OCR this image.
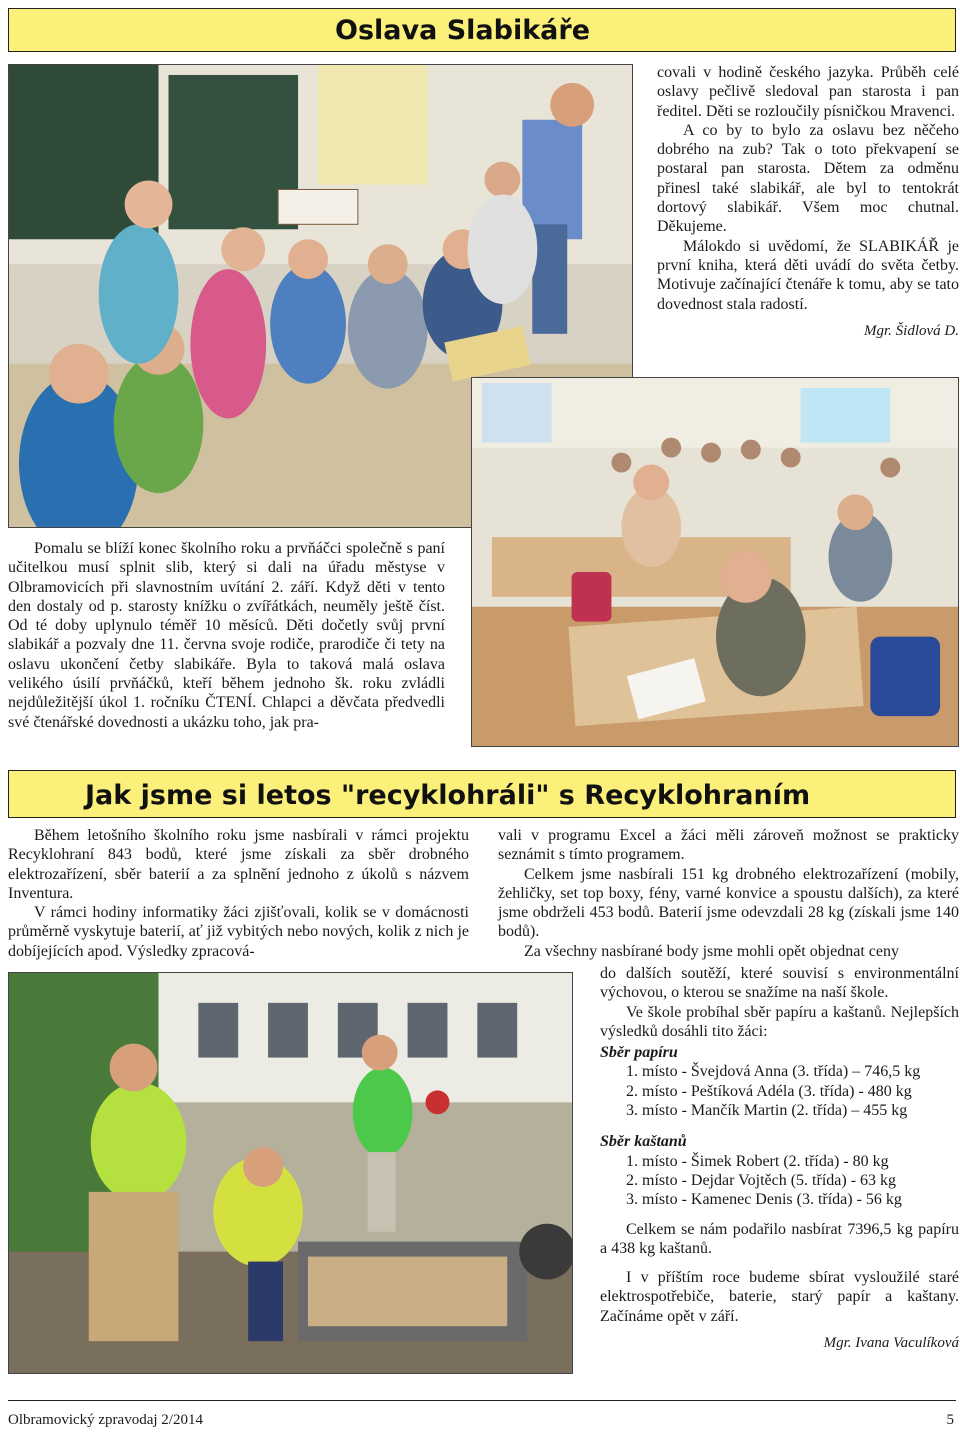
Oslava Slabikáře

covali v hodině českého jazyka. Průběh celé oslavy pečlivě sledoval pan starosta i pan ředitel. Děti se rozloučily písničkou Mravenci.

A co by to bylo za oslavu bez něčeho dobrého na zub? Tak o toto překvapení se postaral pan starosta. Dětem za odměnu přinesl také slabikář, ale byl to tentokrát dortový slabikář. Všem moc chutnal. Děkujeme.

Málokdo si uvědomí, že SLABIKÁŘ je první kniha, která děti uvádí do světa četby. Motivuje začínající čtenáře k tomu, aby se tato dovednost stala radostí.

Mgr. Šidlová D.

Pomalu se blíží konec školního roku a prvňáčci společně s paní učitelkou musí splnit slib, který si dali na úřadu městyse v Olbramovicích při slavnostním uvítání 2. září. Když děti v tento den dostaly od p. starosty knížku o zvířátkách, neuměly ještě číst. Od té doby uplynulo téměř 10 měsíců. Děti dočetly svůj první slabikář a pozvaly dne 11. června svoje rodiče, prarodiče či tety na oslavu ukončení četby slabikáře. Byla to taková malá oslava velikého úsilí prvňáčků, kteří během jednoho šk. roku zvládli nejdůležitější úkol 1. ročníku ČTENÍ. Chlapci a děvčata předvedli své čtenářské dovednosti a ukázku toho, jak pra-

Jak jsme si letos "recyklohráli" s Recyklohraním

Během letošního školního roku jsme nasbírali v rámci projektu Recyklohraní 843 bodů, které jsme získali za sběr drobného elektrozařízení, sběr baterií a za splnění jednoho z úkolů s názvem Inventura.

V rámci hodiny informatiky žáci zjišťovali, kolik se v domácnosti průměrně vyskytuje baterií, ať již vybitých nebo nových, kolik z nich je dobíjejících apod. Výsledky zpracová-

vali v programu Excel a žáci měli zároveň možnost se prakticky seznámit s tímto programem.

Celkem jsme nasbírali 151 kg drobného elektrozařízení (mobily, žehličky, set top boxy, fény, varné konvice a spoustu dalších), za které jsme obdrželi 453 bodů. Baterií jsme odevzdali 28 kg (získali jsme 140 bodů).

Za všechny nasbírané body jsme mohli opět objednat ceny

do dalších soutěží, které souvisí s environmentální výchovou, o kterou se snažíme na naší škole.

Ve škole probíhal sběr papíru a kaštanů. Nejlepších výsledků dosáhli tito žáci:

Sběr papíru

1. místo - Švejdová Anna (3. třída) – 746,5 kg

2. místo - Peštíková Adéla (3. třída) - 480 kg

3. místo - Mančík Martin (2. třída) – 455 kg

Sběr kaštanů

1. místo - Šimek Robert (2. třída) - 80 kg

2. místo - Dejdar Vojtěch (5. třída) - 63 kg

3. místo - Kamenec Denis (3. třída) - 56 kg

Celkem se nám podařilo nasbírat 7396,5 kg papíru a 438 kg kaštanů.

I v příštím roce budeme sbírat vysloužilé staré elektrospotřebiče, baterie, starý papír a kaštany. Začínáme opět v září.

Mgr. Ivana Vaculíková

Olbramovický zpravodaj 2/2014	5
